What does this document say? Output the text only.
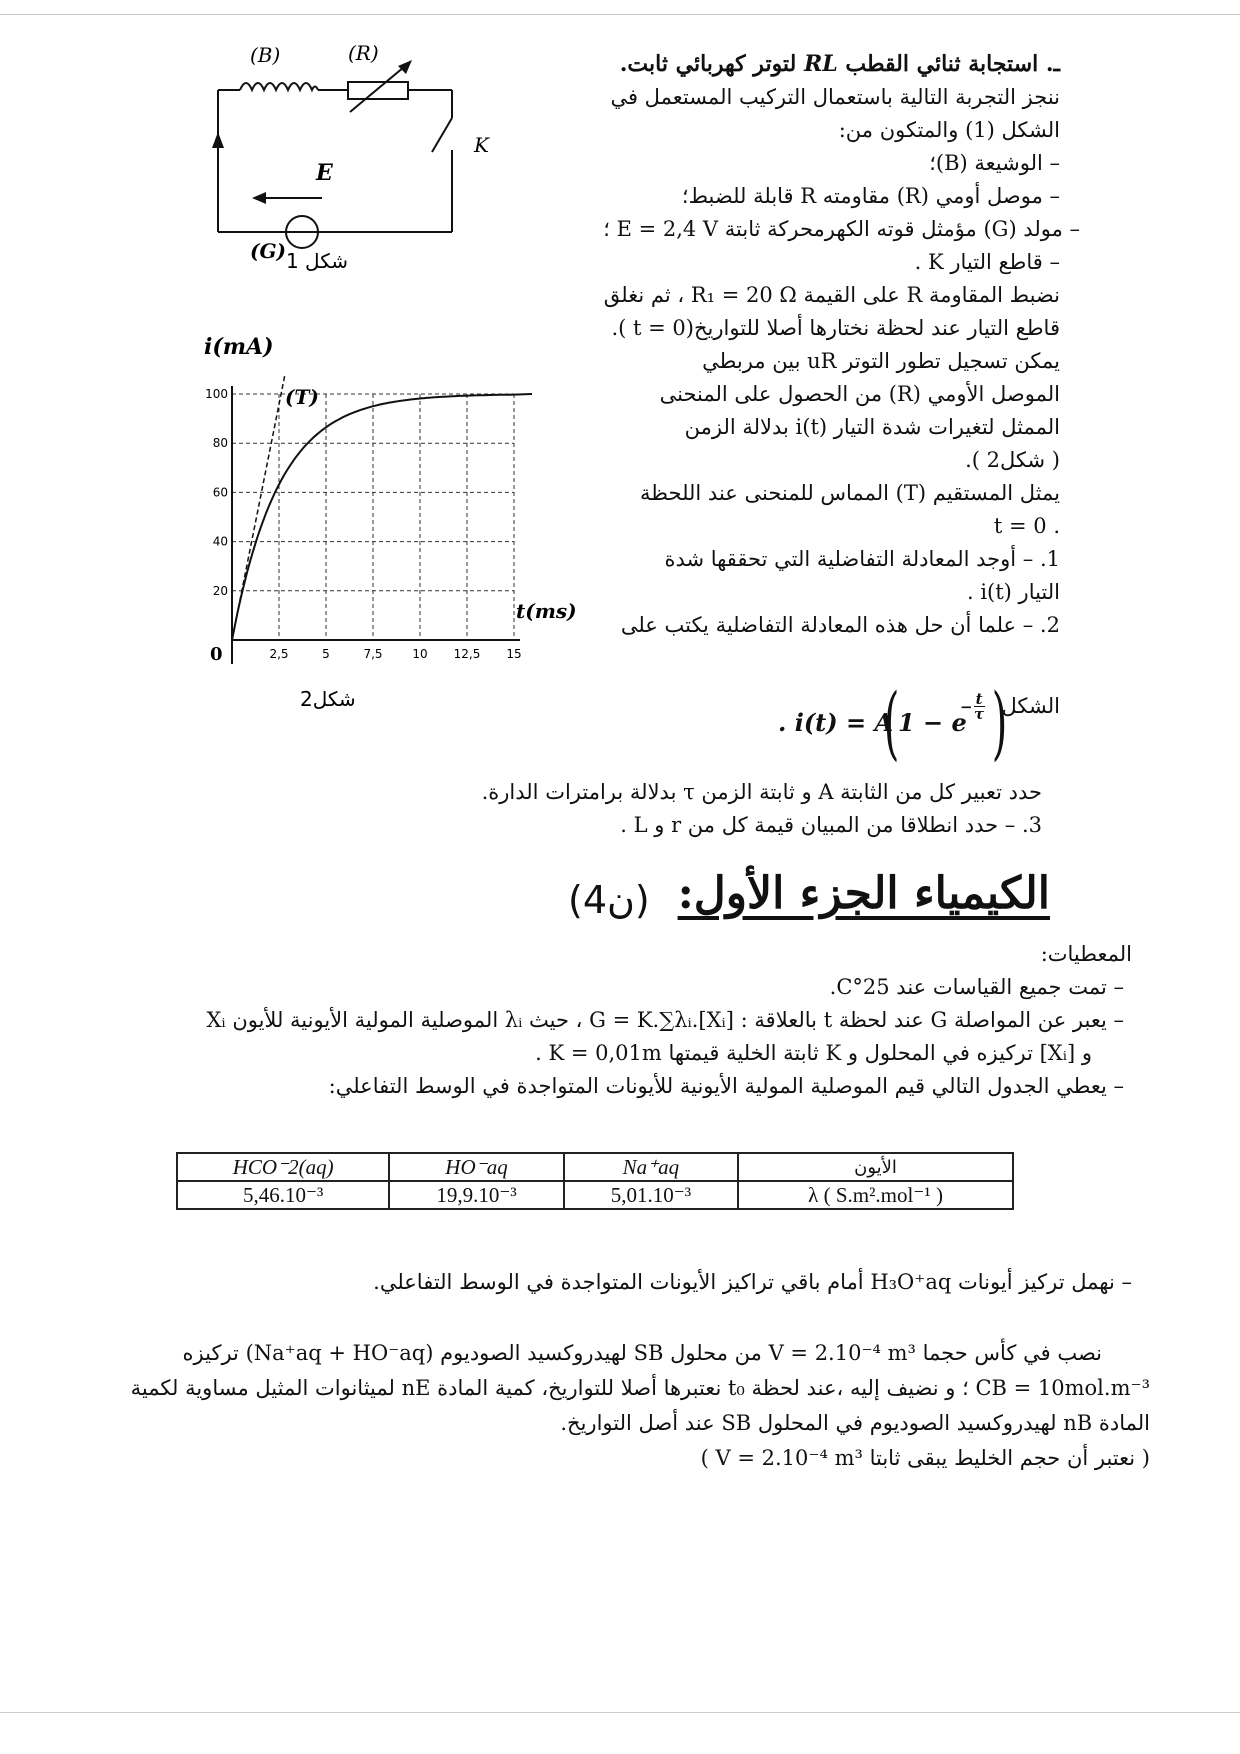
(B)	(R)
K
E
(G) شكل 1
2,5	5	7,5 10 12,5 15
20
40
60
80
100
0
i(mA)
t(ms)
(T)
شكل2
ـ. استجابة ثنائي القطب RL لتوتر كهربائي ثابت.
ننجز التجربة التالية باستعمال التركيب المستعمل في
الشكل (1) والمتكون من:
– الوشيعة (B)؛
– موصل أومي (R) مقاومته R قابلة للضبط؛
– مولد (G) مؤمثل قوته الكهرمحركة ثابتة E = 2,4 V ؛
– قاطع التيار K .
نضبط المقاومة R على القيمة R₁ = 20 Ω ، ثم نغلق
قاطع التيار عند لحظة نختارها أصلا للتواريخ(t = 0 ).
يمكن تسجيل تطور التوتر uR بين مربطي
الموصل الأومي (R) من الحصول على المنحنى
الممثل لتغيرات شدة التيار i(t) بدلالة الزمن
( شكل2 ).
يمثل المستقيم (T) المماس للمنحنى عند اللحظة
. t = 0
1. – أوجد المعادلة التفاضلية التي تحققها شدة
التيار i(t) .
2. – علما أن حل هذه المعادلة التفاضلية يكتب على
الشكل
. i(t) = A
(
1 − e
− $\frac{t}{\tau}$ )
حدد تعبير كل من الثابتة A و ثابتة الزمن τ بدلالة برامترات الدارة.
3. – حدد انطلاقا من المبيان قيمة كل من r و L .
الكيمياء الجزء الأول:
(4ن)
المعطيات:
– تمت جميع القياسات عند 25°C.
– يعبر عن المواصلة G عند لحظة t بالعلاقة : G = K.∑λᵢ.[Xᵢ] ، حيث λᵢ الموصلية المولية الأيونية للأيون Xᵢ
و [Xᵢ] تركيزه في المحلول و K ثابتة الخلية قيمتها K = 0,01m .
– يعطي الجدول التالي قيم الموصلية المولية الأيونية للأيونات المتواجدة في الوسط التفاعلي:
HCO⁻2(aq)	HO⁻aq	Na⁺aq	الأيون
5,46.10⁻³	19,9.10⁻³	5,01.10⁻³	λ ( S.m².mol⁻¹ )
– نهمل تركيز أيونات H₃O⁺aq أمام باقي تراكيز الأيونات المتواجدة في الوسط التفاعلي.
نصب في كأس حجما V = 2.10⁻⁴ m³ من محلول SB لهيدروكسيد الصوديوم (Na⁺aq + HO⁻aq) تركيزه
CB = 10mol.m⁻³ ؛ و نضيف إليه ،عند لحظة t₀ نعتبرها أصلا للتواريخ، كمية المادة nE لميثانوات المثيل مساوية لكمية
المادة nB لهيدروكسيد الصوديوم في المحلول SB عند أصل التواريخ.
( نعتبر أن حجم الخليط يبقى ثابتا V = 2.10⁻⁴ m³ )
